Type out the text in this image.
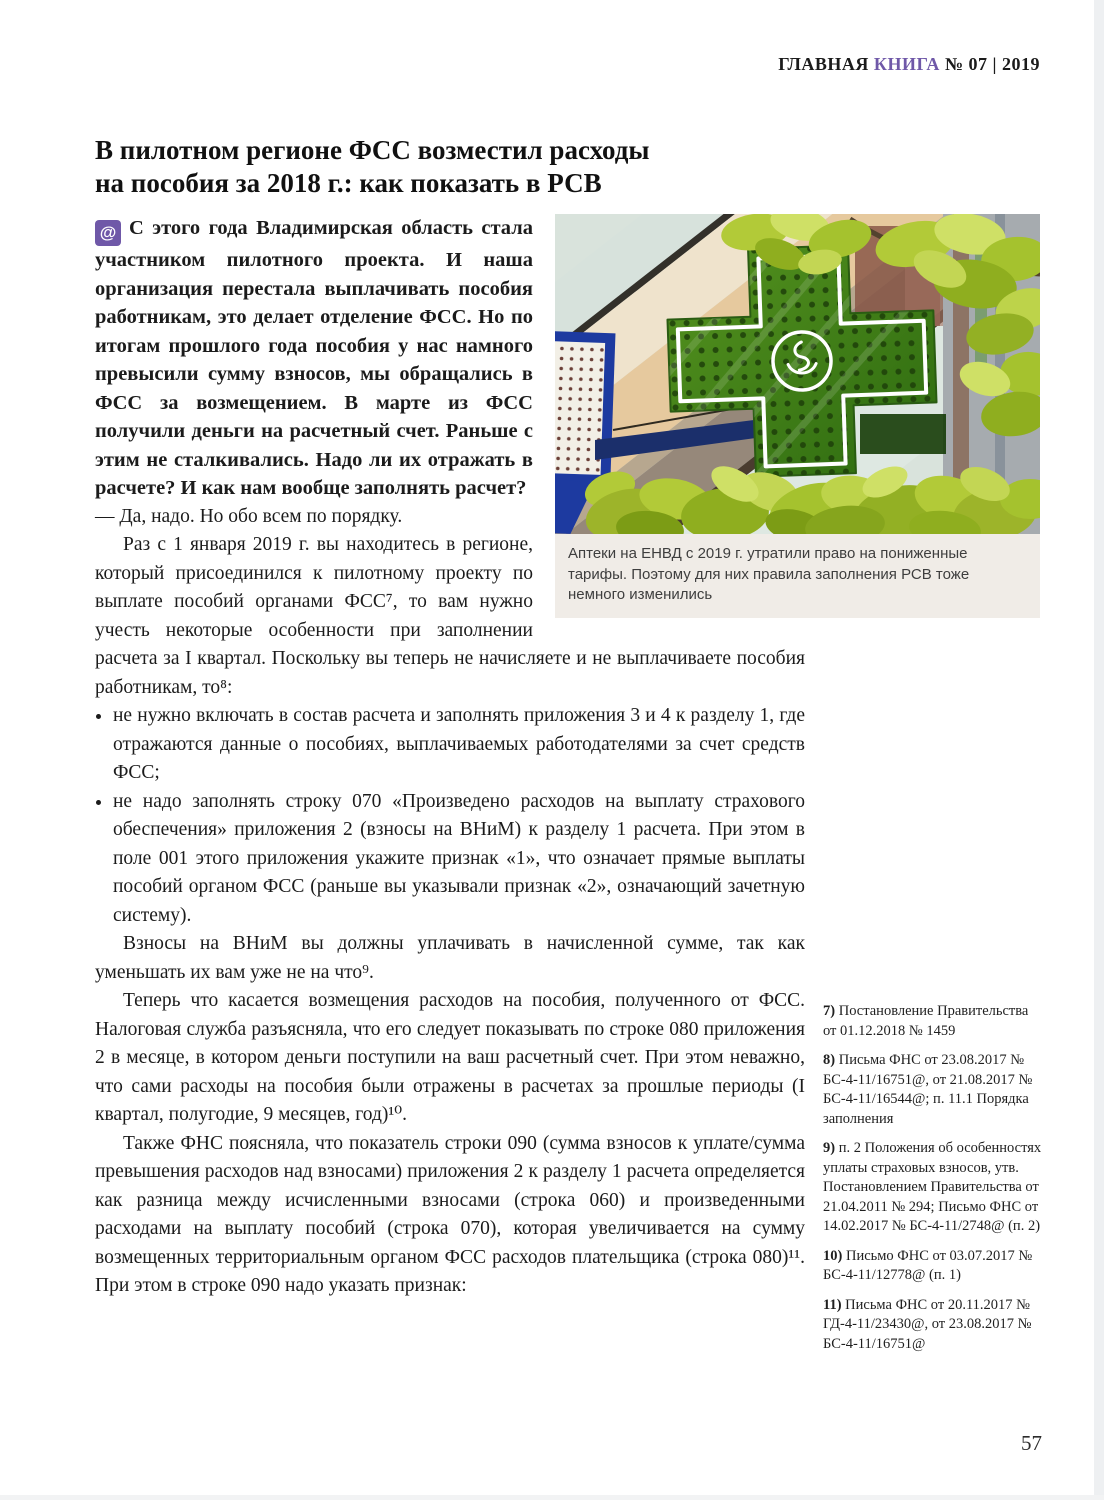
ГЛАВНАЯ КНИГА № 07 | 2019
В пилотном регионе ФСС возместил расходы
на пособия за 2018 г.: как показать в РСВ
Аптеки на ЕНВД с 2019 г. утратили право на пониженные тарифы. Поэтому для них правила заполнения РСВ тоже немного изменились

@ С этого года Владимирская область стала участником пилотного проекта. И наша организация перестала выплачивать пособия работникам, это делает отделение ФСС. Но по итогам прошлого года пособия у нас намного превысили сумму взносов, мы обращались в ФСС за возмещением. В марте из ФСС получили деньги на расчетный счет. Раньше с этим не сталкивались. Надо ли их отражать в расчете? И как нам вообще заполнять расчет?

— Да, надо. Но обо всем по порядку.

Раз с 1 января 2019 г. вы находитесь в регионе, который присоединился к пилотному проекту по выплате пособий органами ФСС⁷, то вам нужно учесть некоторые особенности при заполнении расчета за I квартал. Поскольку вы теперь не начисляете и не выплачиваете пособия работникам, то⁸:

• не нужно включать в состав расчета и заполнять приложения 3 и 4 к разделу 1, где отражаются данные о пособиях, выплачиваемых работодателями за счет средств ФСС;
• не надо заполнять строку 070 «Произведено расходов на выплату страхового обеспечения» приложения 2 (взносы на ВНиМ) к разделу 1 расчета. При этом в поле 001 этого приложения укажите признак «1», что означает прямые выплаты пособий органом ФСС (раньше вы указывали признак «2», означающий зачетную систему).

Взносы на ВНиМ вы должны уплачивать в начисленной сумме, так как уменьшать их вам уже не на что⁹.

Теперь что касается возмещения расходов на пособия, полученного от ФСС. Налоговая служба разъясняла, что его следует показывать по строке 080 приложения 2 в месяце, в котором деньги поступили на ваш расчетный счет. При этом неважно, что сами расходы на пособия были отражены в расчетах за прошлые периоды (I квартал, полугодие, 9 месяцев, год)¹⁰.

Также ФНС поясняла, что показатель строки 090 (сумма взносов к уплате/сумма превышения расходов над взносами) приложения 2 к разделу 1 расчета определяется как разница между исчисленными взносами (строка 060) и произведенными расходами на выплату пособий (строка 070), которая увеличивается на сумму возмещенных территориальным органом ФСС расходов плательщика (строка 080)¹¹. При этом в строке 090 надо указать признак:

7) Постановление Правительства от 01.12.2018 № 1459
8) Письма ФНС от 23.08.2017 № БС-4-11/16751@, от 21.08.2017 № БС-4-11/16544@; п. 11.1 Порядка заполнения
9) п. 2 Положения об особенностях уплаты страховых взносов, утв. Постановлением Правительства от 21.04.2011 № 294; Письмо ФНС от 14.02.2017 № БС-4-11/2748@ (п. 2)
10) Письмо ФНС от 03.07.2017 № БС-4-11/12778@ (п. 1)
11) Письма ФНС от 20.11.2017 № ГД-4-11/23430@, от 23.08.2017 № БС-4-11/16751@
57
